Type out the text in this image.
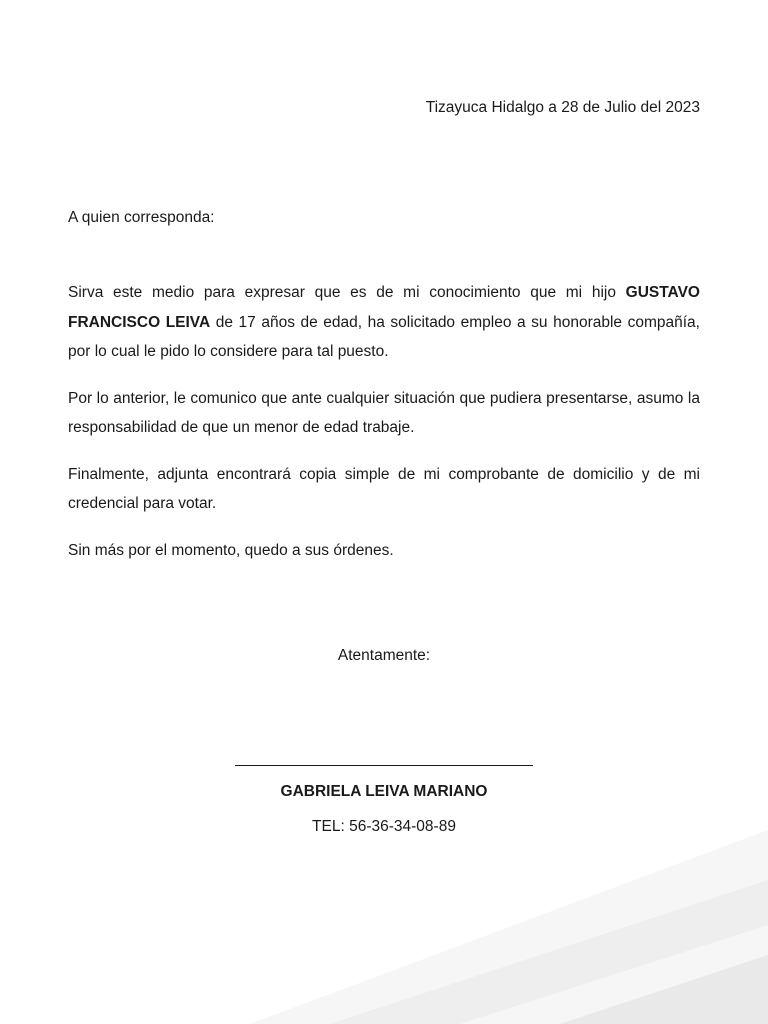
Tizayuca Hidalgo a 28 de Julio del 2023

A quien corresponda:

Sirva este medio para expresar que es de mi conocimiento que mi hijo GUSTAVO FRANCISCO LEIVA de 17 años de edad, ha solicitado empleo a su honorable compañía, por lo cual le pido lo considere para tal puesto.

Por lo anterior, le comunico que ante cualquier situación que pudiera presentarse, asumo la responsabilidad de que un menor de edad trabaje.

Finalmente, adjunta encontrará copia simple de mi comprobante de domicilio y de mi credencial para votar.

Sin más por el momento, quedo a sus órdenes.

Atentamente:

GABRIELA LEIVA MARIANO

TEL: 56-36-34-08-89
